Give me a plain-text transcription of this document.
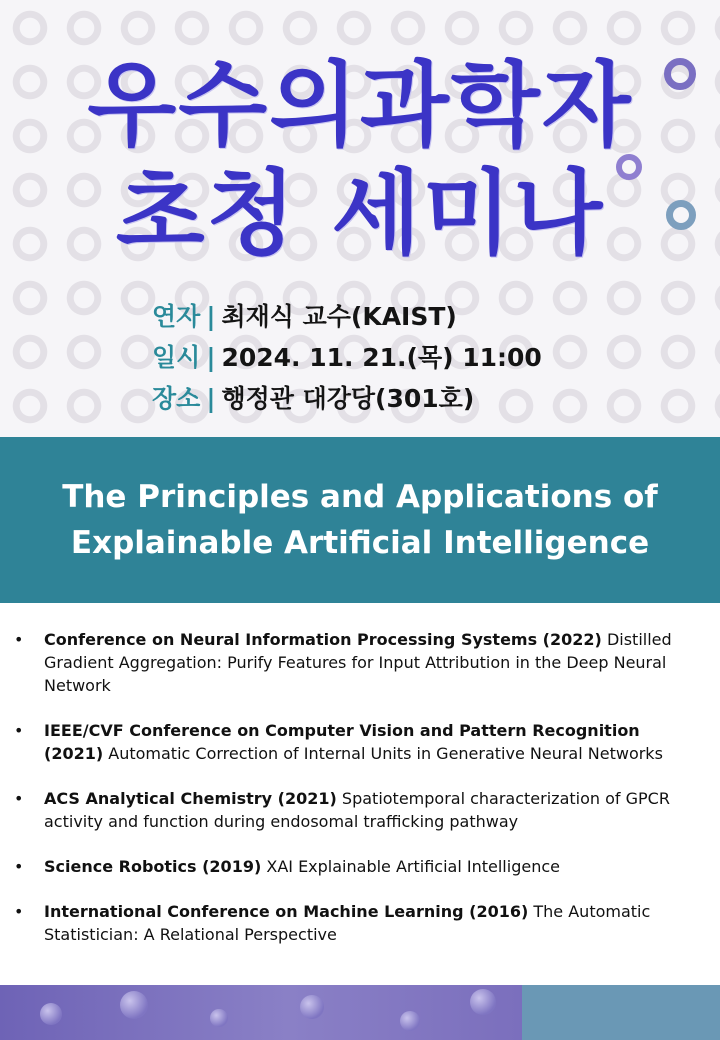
우수의과학자
초청 세미나
연자 | 최재식 교수(KAIST)
일시 | 2024. 11. 21.(목) 11:00
장소 | 행정관 대강당(301호)
The Principles and Applications of
Explainable Artificial Intelligence
• Conference on Neural Information Processing Systems (2022) Distilled Gradient Aggregation: Purify Features for Input Attribution in the Deep Neural Network
• IEEE/CVF Conference on Computer Vision and Pattern Recognition (2021) Automatic Correction of Internal Units in Generative Neural Networks
• ACS Analytical Chemistry (2021) Spatiotemporal characterization of GPCR activity and function during endosomal trafficking pathway
• Science Robotics (2019) XAI Explainable Artificial Intelligence
• International Conference on Machine Learning (2016) The Automatic Statistician: A Relational Perspective
